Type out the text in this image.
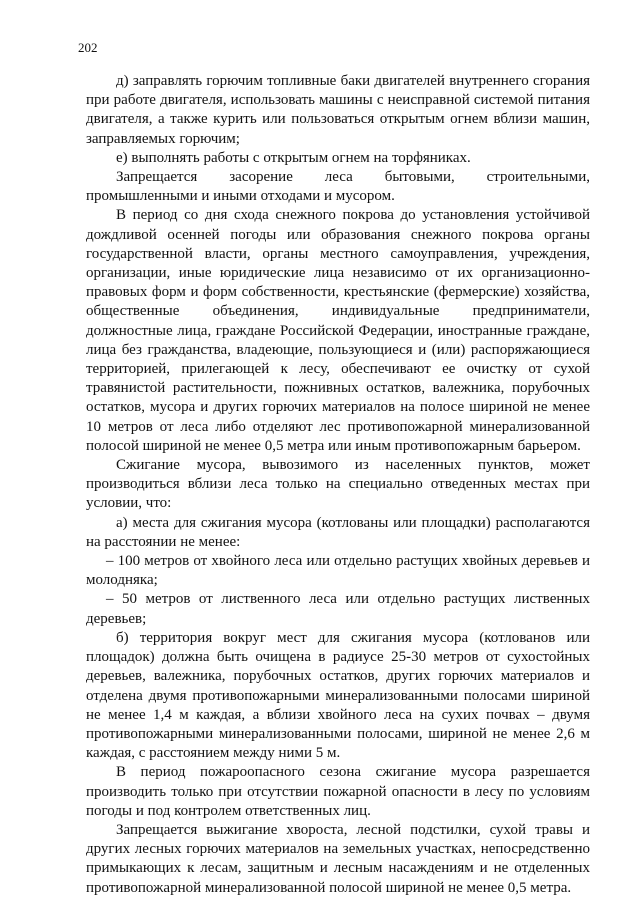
202

д) заправлять горючим топливные баки двигателей внутреннего сгорания при работе двигателя, использовать машины с неисправной системой питания двигателя, а также курить или пользоваться открытым огнем вблизи машин, заправляемых горючим;

е) выполнять работы с открытым огнем на торфяниках.

Запрещается засорение леса бытовыми, строительными, промышленными и иными отходами и мусором.

В период со дня схода снежного покрова до установления устойчивой дождливой осенней погоды или образования снежного покрова органы государственной власти, органы местного самоуправления, учреждения, организации, иные юридические лица независимо от их организационно-правовых форм и форм собственности, крестьянские (фермерские) хозяйства, общественные объединения, индивидуальные предприниматели, должностные лица, граждане Российской Федерации, иностранные граждане, лица без гражданства, владеющие, пользующиеся и (или) распоряжающиеся территорией, прилегающей к лесу, обеспечивают ее очистку от сухой травянистой растительности, пожнивных остатков, валежника, порубочных остатков, мусора и других горючих материалов на полосе шириной не менее 10 метров от леса либо отделяют лес противопожарной минерализованной полосой шириной не менее 0,5 метра или иным противопожарным барьером.

Сжигание мусора, вывозимого из населенных пунктов, может производиться вблизи леса только на специально отведенных местах при условии, что:

а) места для сжигания мусора (котлованы или площадки) располагаются на расстоянии не менее:

– 100 метров от хвойного леса или отдельно растущих хвойных деревьев и молодняка;

– 50 метров от лиственного леса или отдельно растущих лиственных деревьев;

б) территория вокруг мест для сжигания мусора (котлованов или площадок) должна быть очищена в радиусе 25-30 метров от сухостойных деревьев, валежника, порубочных остатков, других горючих материалов и отделена двумя противопожарными минерализованными полосами шириной не менее 1,4 м каждая, а вблизи хвойного леса на сухих почвах – двумя противопожарными минерализованными полосами, шириной не менее 2,6 м каждая, с расстоянием между ними 5 м.

В период пожароопасного сезона сжигание мусора разрешается производить только при отсутствии пожарной опасности в лесу по условиям погоды и под контролем ответственных лиц.

Запрещается выжигание хвороста, лесной подстилки, сухой травы и других лесных горючих материалов на земельных участках, непосредственно примыкающих к лесам, защитным и лесным насаждениям и не отделенных противопожарной минерализованной полосой шириной не менее 0,5 метра.
